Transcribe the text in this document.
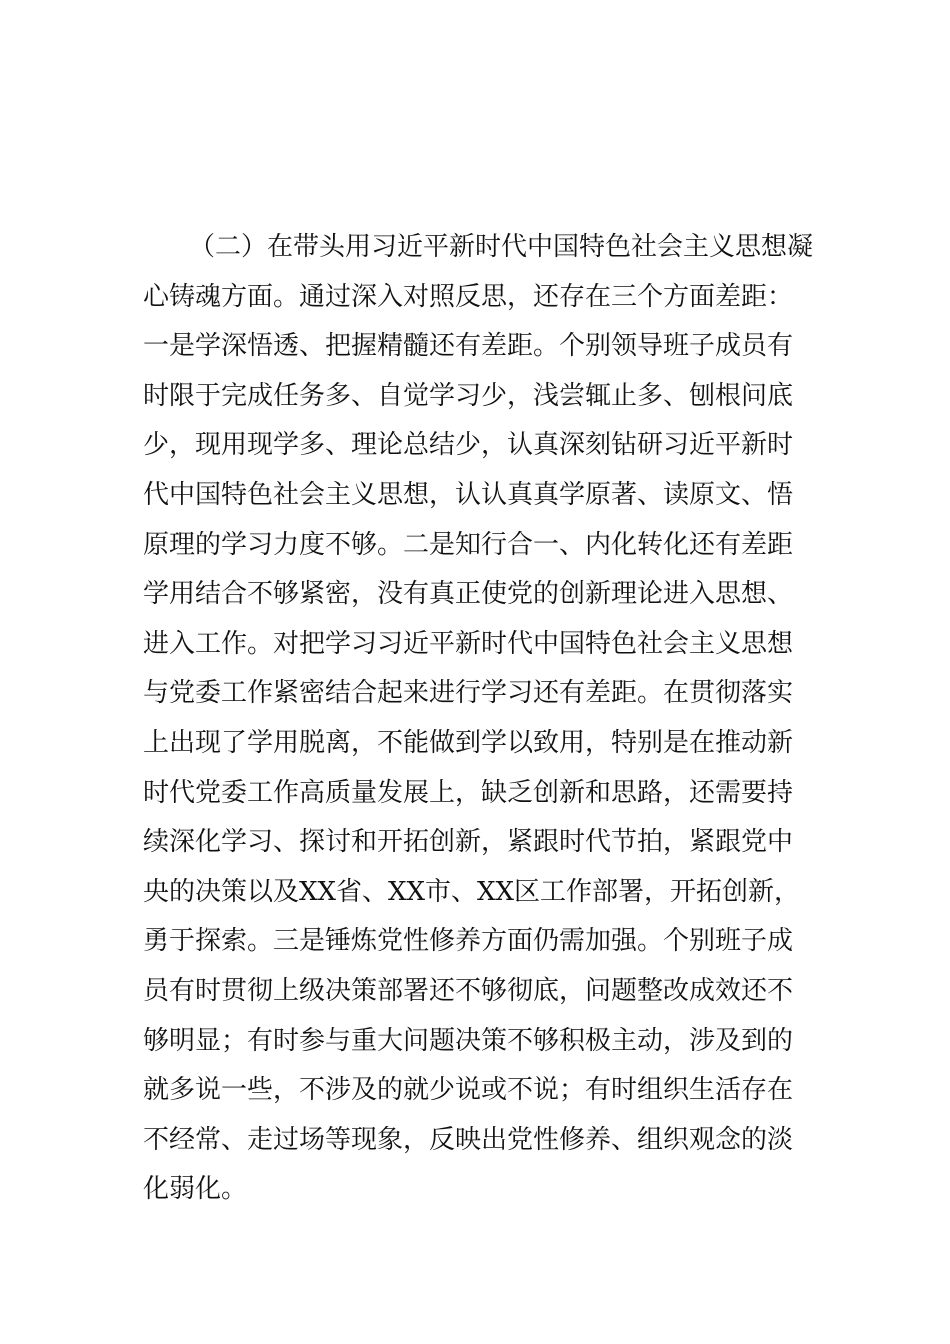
（二）在带头用习近平新时代中国特色社会主义思想凝
心铸魂方面。通过深入对照反思，还存在三个方面差距：
一是学深悟透、把握精髓还有差距。个别领导班子成员有
时限于完成任务多、自觉学习少，浅尝辄止多、刨根问底
少，现用现学多、理论总结少，认真深刻钻研习近平新时
代中国特色社会主义思想，认认真真学原著、读原文、悟
原理的学习力度不够。二是知行合一、内化转化还有差距
学用结合不够紧密，没有真正使党的创新理论进入思想、
进入工作。对把学习习近平新时代中国特色社会主义思想
与党委工作紧密结合起来进行学习还有差距。在贯彻落实
上出现了学用脱离，不能做到学以致用，特别是在推动新
时代党委工作高质量发展上，缺乏创新和思路，还需要持
续深化学习、探讨和开拓创新，紧跟时代节拍，紧跟党中
央的决策以及XX省、XX市、XX区工作部署，开拓创新，
勇于探索。三是锤炼党性修养方面仍需加强。个别班子成
员有时贯彻上级决策部署还不够彻底，问题整改成效还不
够明显；有时参与重大问题决策不够积极主动，涉及到的
就多说一些，不涉及的就少说或不说；有时组织生活存在
不经常、走过场等现象，反映出党性修养、组织观念的淡
化弱化。
